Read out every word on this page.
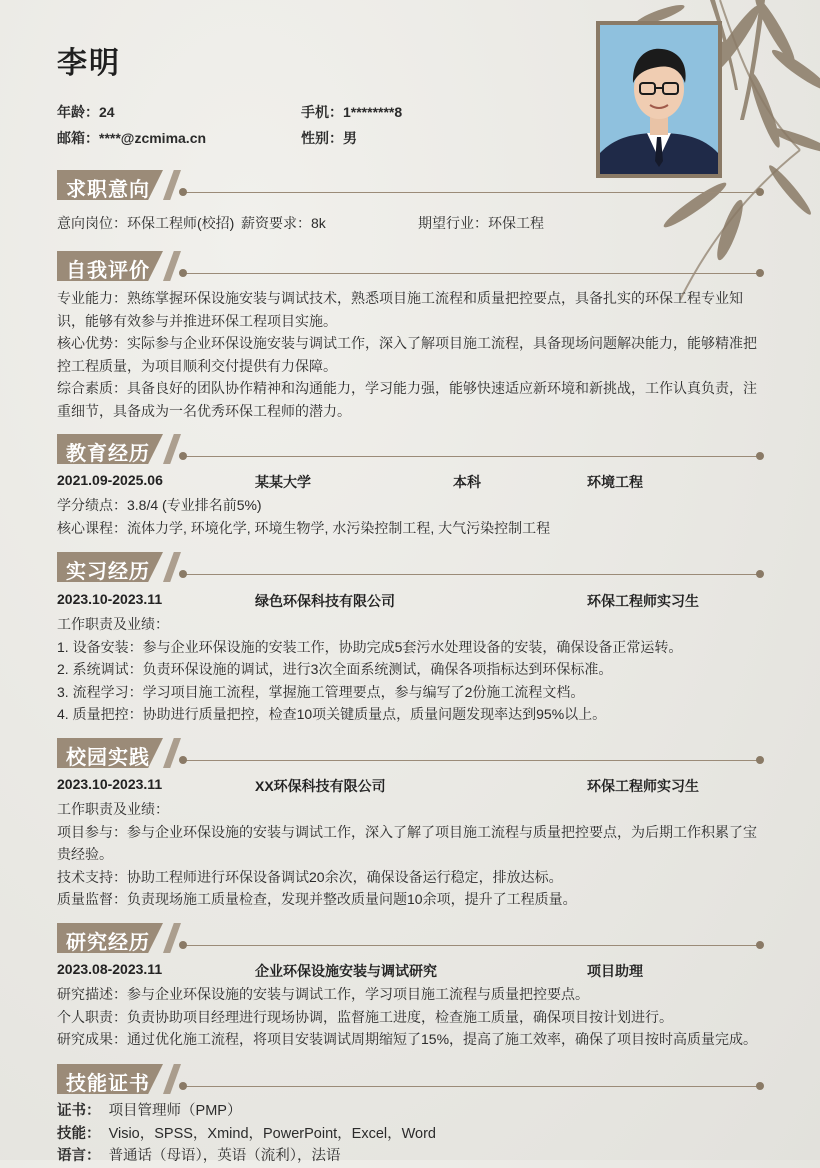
李明
年龄：24	手机：1********8
邮箱：****@zcmima.cn	性别：男
求职意向
意向岗位：环保工程师(校招) 薪资要求：8k	期望行业：环保工程
自我评价
专业能力：熟练掌握环保设施安装与调试技术，熟悉项目施工流程和质量把控要点，具备扎实的环保工程专业知识，能够有效参与并推进环保工程项目实施。
核心优势：实际参与企业环保设施安装与调试工作，深入了解项目施工流程，具备现场问题解决能力，能够精准把控工程质量，为项目顺利交付提供有力保障。
综合素质：具备良好的团队协作精神和沟通能力，学习能力强，能够快速适应新环境和新挑战，工作认真负责，注重细节，具备成为一名优秀环保工程师的潜力。
教育经历
2021.09-2025.06	某某大学	本科	环境工程
学分绩点：3.8/4 (专业排名前5%)
核心课程：流体力学, 环境化学, 环境生物学, 水污染控制工程, 大气污染控制工程
实习经历
2023.10-2023.11	绿色环保科技有限公司	环保工程师实习生
工作职责及业绩：
1. 设备安装：参与企业环保设施的安装工作，协助完成5套污水处理设备的安装，确保设备正常运转。
2. 系统调试：负责环保设施的调试，进行3次全面系统测试，确保各项指标达到环保标准。
3. 流程学习：学习项目施工流程，掌握施工管理要点，参与编写了2份施工流程文档。
4. 质量把控：协助进行质量把控，检查10项关键质量点，质量问题发现率达到95%以上。
校园实践
2023.10-2023.11	XX环保科技有限公司	环保工程师实习生
工作职责及业绩：
项目参与：参与企业环保设施的安装与调试工作，深入了解了项目施工流程与质量把控要点，为后期工作积累了宝贵经验。
技术支持：协助工程师进行环保设备调试20余次，确保设备运行稳定，排放达标。
质量监督：负责现场施工质量检查，发现并整改质量问题10余项，提升了工程质量。
研究经历
2023.08-2023.11	企业环保设施安装与调试研究	项目助理
研究描述：参与企业环保设施的安装与调试工作，学习项目施工流程与质量把控要点。
个人职责：负责协助项目经理进行现场协调，监督施工进度，检查施工质量，确保项目按计划进行。
研究成果：通过优化施工流程，将项目安装调试周期缩短了15%，提高了施工效率，确保了项目按时高质量完成。
技能证书
证书： 项目管理师（PMP）
技能： Visio，SPSS，Xmind，PowerPoint，Excel，Word
语言： 普通话（母语），英语（流利），法语
